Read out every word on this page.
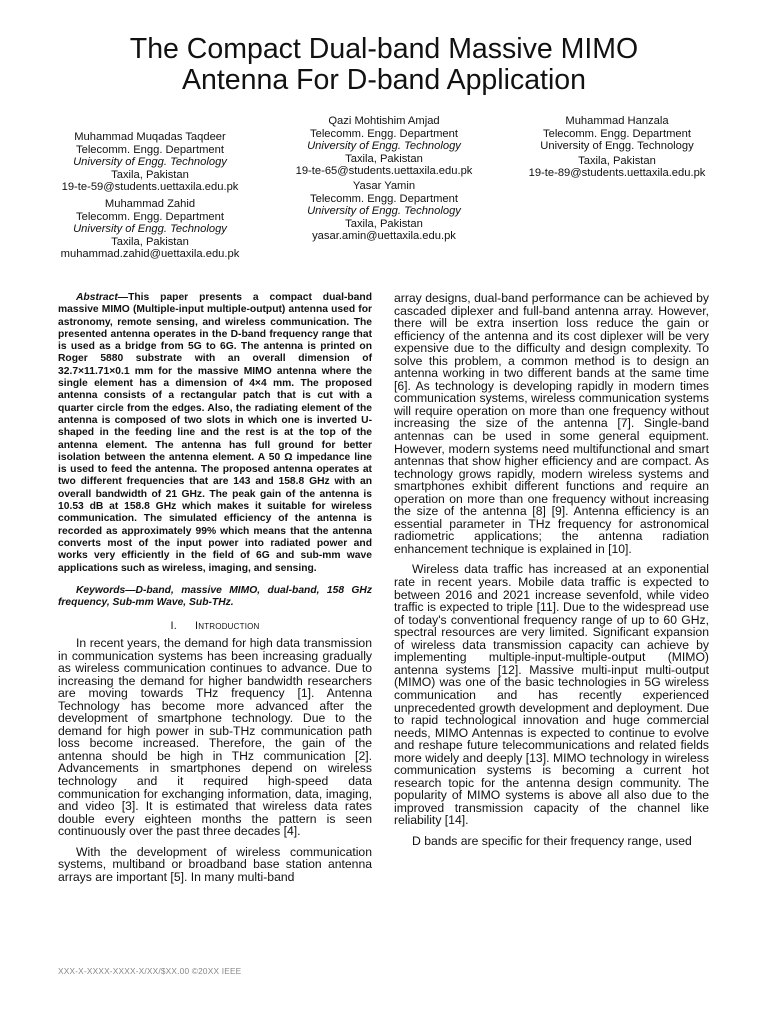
The Compact Dual-band Massive MIMO
Antenna For D-band Application
Muhammad Muqadas Taqdeer
Telecomm. Engg. Department
University of Engg. Technology
Taxila, Pakistan
19-te-59@students.uettaxila.edu.pk
Muhammad Zahid
Telecomm. Engg. Department
University of Engg. Technology
Taxila, Pakistan
muhammad.zahid@uettaxila.edu.pk
Qazi Mohtishim Amjad
Telecomm. Engg. Department
University of Engg. Technology
Taxila, Pakistan
19-te-65@students.uettaxila.edu.pk
Yasar Yamin
Telecomm. Engg. Department
University of Engg. Technology
Taxila, Pakistan
yasar.amin@uettaxila.edu.pk
Muhammad Hanzala
Telecomm. Engg. Department
University of Engg. Technology
Taxila, Pakistan
19-te-89@students.uettaxila.edu.pk

Abstract—This paper presents a compact dual-band massive MIMO (Multiple-input multiple-output) antenna used for astronomy, remote sensing, and wireless communication. The presented antenna operates in the D-band frequency range that is used as a bridge from 5G to 6G. The antenna is printed on Roger 5880 substrate with an overall dimension of 32.7×11.71×0.1 mm for the massive MIMO antenna where the single element has a dimension of 4×4 mm. The proposed antenna consists of a rectangular patch that is cut with a quarter circle from the edges. Also, the radiating element of the antenna is composed of two slots in which one is inverted U-shaped in the feeding line and the rest is at the top of the antenna element. The antenna has full ground for better isolation between the antenna element. A 50 Ω impedance line is used to feed the antenna. The proposed antenna operates at two different frequencies that are 143 and 158.8 GHz with an overall bandwidth of 21 GHz. The peak gain of the antenna is 10.53 dB at 158.8 GHz which makes it suitable for wireless communication. The simulated efficiency of the antenna is recorded as approximately 99% which means that the antenna converts most of the input power into radiated power and works very efficiently in the field of 6G and sub-mm wave applications such as wireless, imaging, and sensing.

Keywords—D-band, massive MIMO, dual-band, 158 GHz frequency, Sub-mm Wave, Sub-THz.

I. Introduction

In recent years, the demand for high data transmission in communication systems has been increasing gradually as wireless communication continues to advance. Due to increasing the demand for higher bandwidth researchers are moving towards THz frequency [1]. Antenna Technology has become more advanced after the development of smartphone technology. Due to the demand for high power in sub-THz communication path loss become increased. Therefore, the gain of the antenna should be high in THz communication [2]. Advancements in smartphones depend on wireless technology and it required high-speed data communication for exchanging information, data, imaging, and video [3]. It is estimated that wireless data rates double every eighteen months the pattern is seen continuously over the past three decades [4].

With the development of wireless communication systems, multiband or broadband base station antenna arrays are important [5]. In many multi-band

array designs, dual-band performance can be achieved by cascaded diplexer and full-band antenna array. However, there will be extra insertion loss reduce the gain or efficiency of the antenna and its cost diplexer will be very expensive due to the difficulty and design complexity. To solve this problem, a common method is to design an antenna working in two different bands at the same time [6]. As technology is developing rapidly in modern times communication systems, wireless communication systems will require operation on more than one frequency without increasing the size of the antenna [7]. Single-band antennas can be used in some general equipment. However, modern systems need multifunctional and smart antennas that show higher efficiency and are compact. As technology grows rapidly, modern wireless systems and smartphones exhibit different functions and require an operation on more than one frequency without increasing the size of the antenna [8] [9]. Antenna efficiency is an essential parameter in THz frequency for astronomical radiometric applications; the antenna radiation enhancement technique is explained in [10].

Wireless data traffic has increased at an exponential rate in recent years. Mobile data traffic is expected to between 2016 and 2021 increase sevenfold, while video traffic is expected to triple [11]. Due to the widespread use of today's conventional frequency range of up to 60 GHz, spectral resources are very limited. Significant expansion of wireless data transmission capacity can achieve by implementing multiple-input-multiple-output (MIMO) antenna systems [12]. Massive multi-input multi-output (MIMO) was one of the basic technologies in 5G wireless communication and has recently experienced unprecedented growth development and deployment. Due to rapid technological innovation and huge commercial needs, MIMO Antennas is expected to continue to evolve and reshape future telecommunications and related fields more widely and deeply [13]. MIMO technology in wireless communication systems is becoming a current hot research topic for the antenna design community. The popularity of MIMO systems is above all also due to the improved transmission capacity of the channel like reliability [14].

D bands are specific for their frequency range, used

XXX-X-XXXX-XXXX-X/XX/$XX.00 ©20XX IEEE
